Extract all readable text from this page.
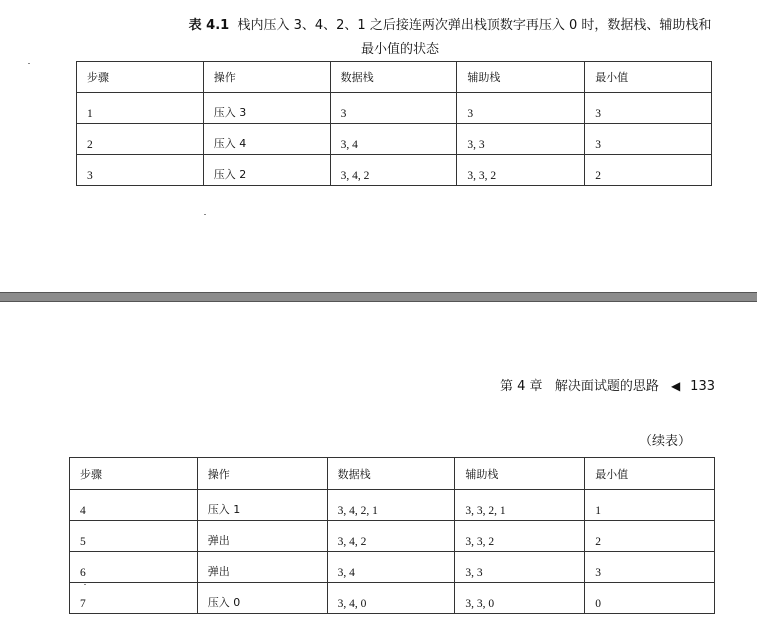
表 4.1 栈内压入 3、4、2、1 之后接连两次弹出栈顶数字再压入 0 时，数据栈、辅助栈和
最小值的状态
步骤	操作	数据栈	辅助栈	最小值
1	压入 3	3	3	3
2	压入 4	3, 4	3, 3	3
3	压入 2	3, 4, 2	3, 3, 2	2
第 4 章 解决面试题的思路 ◀ 133
（续表）
步骤	操作	数据栈	辅助栈	最小值
4	压入 1	3, 4, 2, 1	3, 3, 2, 1	1
5	弹出	3, 4, 2	3, 3, 2	2
6	弹出	3, 4	3, 3	3
7	压入 0	3, 4, 0	3, 3, 0	0
